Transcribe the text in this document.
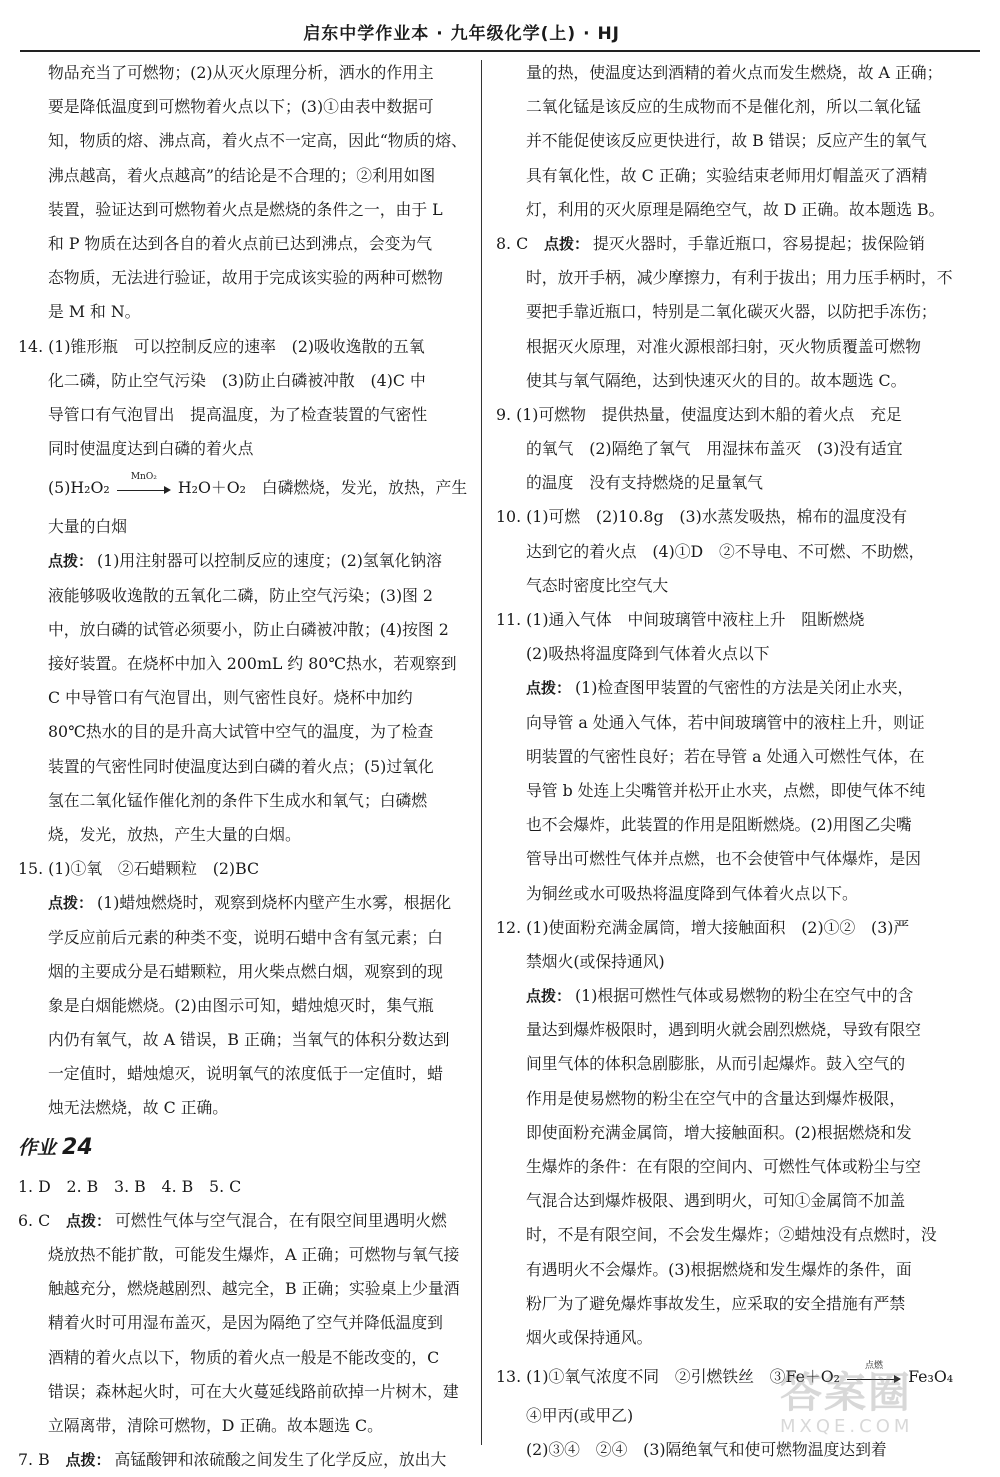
启东中学作业本 · 九年级化学(上) · HJ
物品充当了可燃物；(2)从灭火原理分析，洒水的作用主
要是降低温度到可燃物着火点以下；(3)①由表中数据可
知，物质的熔、沸点高，着火点不一定高，因此“物质的熔、
沸点越高，着火点越高”的结论是不合理的；②利用如图
装置，验证达到可燃物着火点是燃烧的条件之一，由于 L
和 P 物质在达到各自的着火点前已达到沸点，会变为气
态物质，无法进行验证，故用于完成该实验的两种可燃物
是 M 和 N。
14. (1)锥形瓶　可以控制反应的速率　(2)吸收逸散的五氧
化二磷，防止空气污染　(3)防止白磷被冲散　(4)C 中
导管口有气泡冒出　提高温度，为了检查装置的气密性
同时使温度达到白磷的着火点
(5)H₂O₂
MnO₂
H₂O＋O₂　白磷燃烧，发光，放热，产生
大量的白烟
点拨： (1)用注射器可以控制反应的速度；(2)氢氧化钠溶
液能够吸收逸散的五氧化二磷，防止空气污染；(3)图 2
中，放白磷的试管必须要小，防止白磷被冲散；(4)按图 2
接好装置。在烧杯中加入 200mL 约 80℃热水，若观察到
C 中导管口有气泡冒出，则气密性良好。烧杯中加约
80℃热水的目的是升高大试管中空气的温度，为了检查
装置的气密性同时使温度达到白磷的着火点；(5)过氧化
氢在二氧化锰作催化剂的条件下生成水和氧气；白磷燃
烧，发光，放热，产生大量的白烟。
15. (1)①氧　②石蜡颗粒　(2)BC
点拨： (1)蜡烛燃烧时，观察到烧杯内壁产生水雾，根据化
学反应前后元素的种类不变，说明石蜡中含有氢元素；白
烟的主要成分是石蜡颗粒，用火柴点燃白烟，观察到的现
象是白烟能燃烧。(2)由图示可知，蜡烛熄灭时，集气瓶
内仍有氧气，故 A 错误，B 正确；当氧气的体积分数达到
一定值时，蜡烛熄灭，说明氧气的浓度低于一定值时，蜡
烛无法燃烧，故 C 正确。
作业 24
1. D　2. B　3. B　4. B　5. C
6. C　点拨： 可燃性气体与空气混合，在有限空间里遇明火燃
烧放热不能扩散，可能发生爆炸，A 正确；可燃物与氧气接
触越充分，燃烧越剧烈、越完全，B 正确；实验桌上少量酒
精着火时可用湿布盖灭，是因为隔绝了空气并降低温度到
酒精的着火点以下，物质的着火点一般是不能改变的，C
错误；森林起火时，可在大火蔓延线路前砍掉一片树木，建
立隔离带，清除可燃物，D 正确。故本题选 C。
7. B　点拨： 高锰酸钾和浓硫酸之间发生了化学反应，放出大
量的热，使温度达到酒精的着火点而发生燃烧，故 A 正确；
二氧化锰是该反应的生成物而不是催化剂，所以二氧化锰
并不能促使该反应更快进行，故 B 错误；反应产生的氧气
具有氧化性，故 C 正确；实验结束老师用灯帽盖灭了酒精
灯，利用的灭火原理是隔绝空气，故 D 正确。故本题选 B。
8. C　点拨： 提灭火器时，手靠近瓶口，容易提起；拔保险销
时，放开手柄，减少摩擦力，有利于拔出；用力压手柄时，不
要把手靠近瓶口，特别是二氧化碳灭火器，以防把手冻伤；
根据灭火原理，对准火源根部扫射，灭火物质覆盖可燃物
使其与氧气隔绝，达到快速灭火的目的。故本题选 C。
9. (1)可燃物　提供热量，使温度达到木船的着火点　充足
的氧气　(2)隔绝了氧气　用湿抹布盖灭　(3)没有适宜
的温度　没有支持燃烧的足量氧气
10. (1)可燃　(2)10.8g　(3)水蒸发吸热，棉布的温度没有
达到它的着火点　(4)①D　②不导电、不可燃、不助燃，
气态时密度比空气大
11. (1)通入气体　中间玻璃管中液柱上升　阻断燃烧
(2)吸热将温度降到气体着火点以下
点拨： (1)检查图甲装置的气密性的方法是关闭止水夹，
向导管 a 处通入气体，若中间玻璃管中的液柱上升，则证
明装置的气密性良好；若在导管 a 处通入可燃性气体，在
导管 b 处连上尖嘴管并松开止水夹，点燃，即使气体不纯
也不会爆炸，此装置的作用是阻断燃烧。(2)用图乙尖嘴
管导出可燃性气体并点燃，也不会使管中气体爆炸，是因
为铜丝或水可吸热将温度降到气体着火点以下。
12. (1)使面粉充满金属筒，增大接触面积　(2)①②　(3)严
禁烟火(或保持通风)
点拨： (1)根据可燃性气体或易燃物的粉尘在空气中的含
量达到爆炸极限时，遇到明火就会剧烈燃烧，导致有限空
间里气体的体积急剧膨胀，从而引起爆炸。鼓入空气的
作用是使易燃物的粉尘在空气中的含量达到爆炸极限，
即使面粉充满金属筒，增大接触面积。(2)根据燃烧和发
生爆炸的条件：在有限的空间内、可燃性气体或粉尘与空
气混合达到爆炸极限、遇到明火，可知①金属筒不加盖
时，不是有限空间，不会发生爆炸；②蜡烛没有点燃时，没
有遇明火不会爆炸。(3)根据燃烧和发生爆炸的条件，面
粉厂为了避免爆炸事故发生，应采取的安全措施有严禁
烟火或保持通风。
13. (1)①氧气浓度不同　②引燃铁丝　③Fe＋O₂
点燃
Fe₃O₄
④甲丙(或甲乙)
(2)③④　②④　(3)隔绝氧气和使可燃物温度达到着
答案圈
MXQE.COM
